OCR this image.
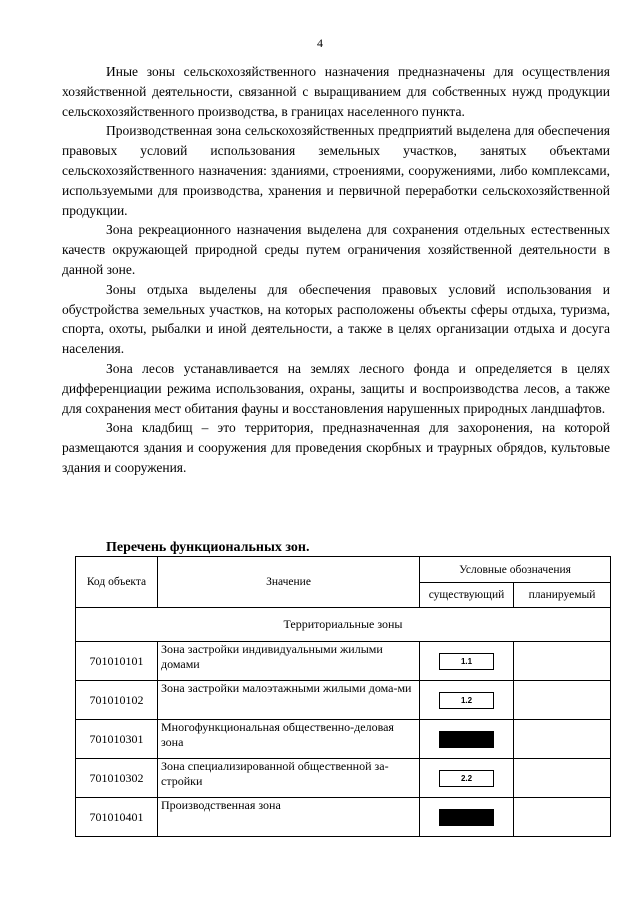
4

Иные зоны сельскохозяйственного назначения предназначены для осуществления хозяйственной деятельности, связанной с выращиванием для собственных нужд продукции сельскохозяйственного производства, в границах населенного пункта.

Производственная зона сельскохозяйственных предприятий выделена для обеспечения правовых условий использования земельных участков, занятых объектами сельскохозяйственного назначения: зданиями, строениями, сооружениями, либо комплексами, используемыми для производства, хранения и первичной переработки сельскохозяйственной продукции.

Зона рекреационного назначения выделена для сохранения отдельных естественных качеств окружающей природной среды путем ограничения хозяйственной деятельности в данной зоне.

Зоны отдыха выделены для обеспечения правовых условий использования и обустройства земельных участков, на которых расположены объекты сферы отдыха, туризма, спорта, охоты, рыбалки и иной деятельности, а также в целях организации отдыха и досуга населения.

Зона лесов устанавливается на землях лесного фонда и определяется в целях дифференциации режима использования, охраны, защиты и воспроизводства лесов, а также для сохранения мест обитания фауны и восстановления нарушенных природных ландшафтов.

Зона кладбищ – это территория, предназначенная для захоронения, на которой размещаются здания и сооружения для проведения скорбных и траурных обрядов, культовые здания и сооружения.

Перечень функциональных зон.
Код объекта	Значение	Условные обозначения	
		существующий	планируемый
Территориальные зоны			
701010101	Зона застройки индивидуальными жилыми домами	1.1	
701010102	Зона застройки малоэтажными жилыми дома-ми	1.2	
701010301	Многофункциональная общественно-деловая зона		
701010302	Зона специализированной общественной за-стройки	2.2	
701010401	Производственная зона		
